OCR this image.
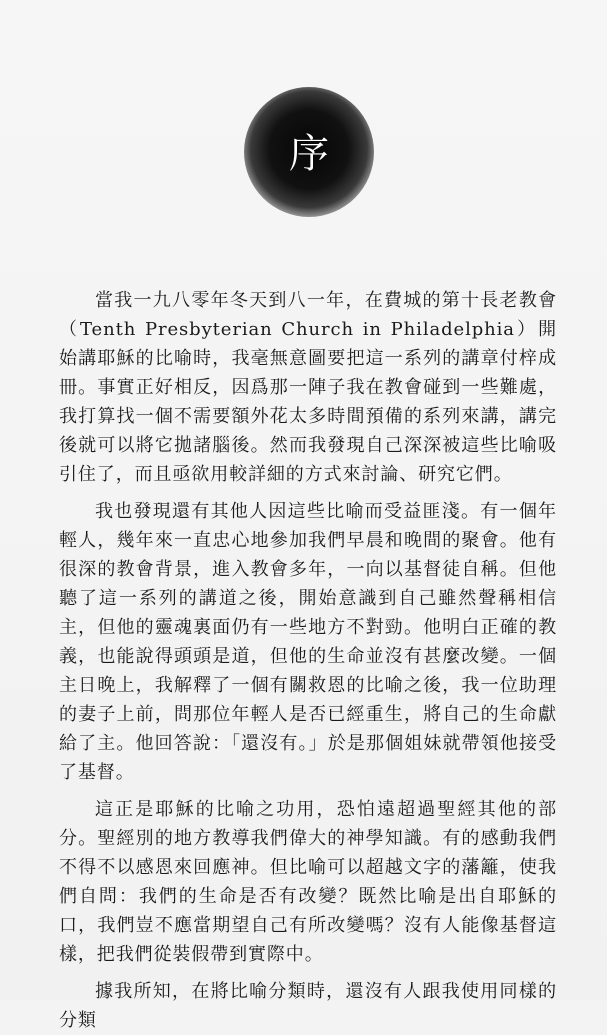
序

當我一九八零年冬天到八一年，在費城的第十長老教會（Tenth Presbyterian Church in Philadelphia）開始講耶穌的比喻時，我毫無意圖要把這一系列的講章付梓成冊。事實正好相反，因爲那一陣子我在教會碰到一些難處，我打算找一個不需要額外花太多時間預備的系列來講，講完後就可以將它拋諸腦後。然而我發現自己深深被這些比喻吸引住了，而且亟欲用較詳細的方式來討論、研究它們。

我也發現還有其他人因這些比喻而受益匪淺。有一個年輕人，幾年來一直忠心地參加我們早晨和晚間的聚會。他有很深的教會背景，進入教會多年，一向以基督徒自稱。但他聽了這一系列的講道之後，開始意識到自己雖然聲稱相信主，但他的靈魂裏面仍有一些地方不對勁。他明白正確的教義，也能說得頭頭是道，但他的生命並沒有甚麼改變。一個主日晚上，我解釋了一個有關救恩的比喻之後，我一位助理的妻子上前，問那位年輕人是否已經重生，將自己的生命獻給了主。他回答說：「還沒有。」於是那個姐妹就帶領他接受了基督。

這正是耶穌的比喻之功用，恐怕遠超過聖經其他的部分。聖經別的地方教導我們偉大的神學知識。有的感動我們不得不以感恩來回應神。但比喻可以超越文字的藩籬，使我們自問：我們的生命是否有改變？既然比喻是出自耶穌的口，我們豈不應當期望自己有所改變嗎？沒有人能像基督這樣，把我們從裝假帶到實際中。

據我所知，在將比喻分類時，還沒有人跟我使用同樣的分類
